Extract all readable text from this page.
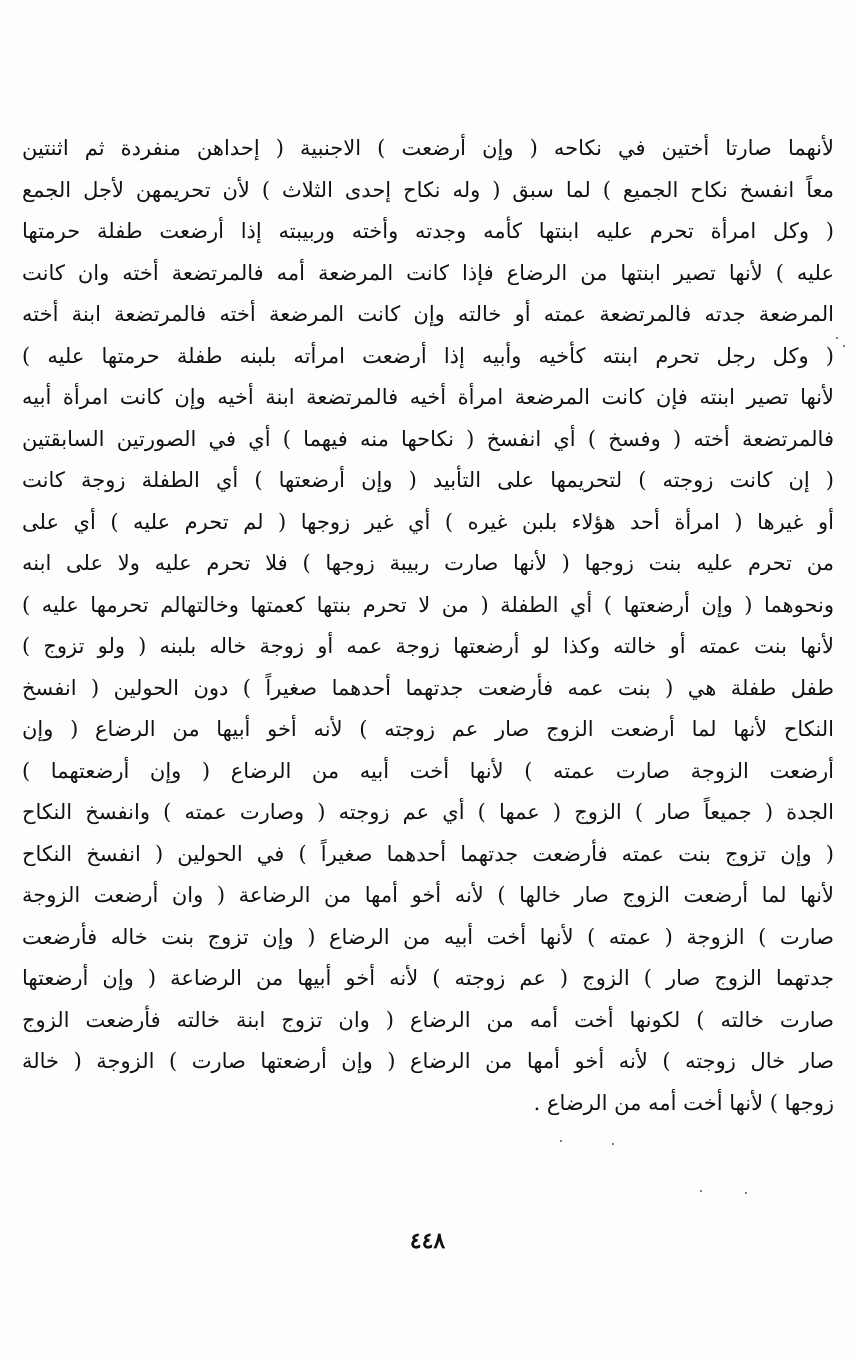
لأنهما صارتا أختين في نكاحه ( وإن أرضعت ) الاجنبية ( إحداهن منفردة ثم اثنتين
معاً انفسخ نكاح الجميع ) لما سبق ( وله نكاح إحدى الثلاث ) لأن تحريمهن لأجل الجمع
( وكل امرأة تحرم عليه ابنتها كأمه وجدته وأخته وربيبته إذا أرضعت طفلة حرمتها
عليه ) لأنها تصير ابنتها من الرضاع فإذا كانت المرضعة أمه فالمرتضعة أخته وان كانت
المرضعة جدته فالمرتضعة عمته أو خالته وإن كانت المرضعة أخته فالمرتضعة ابنة أخته
( وكل رجل تحرم ابنته كأخيه وأبيه إذا أرضعت امرأته بلبنه طفلة حرمتها عليه )
لأنها تصير ابنته فإن كانت المرضعة امرأة أخيه فالمرتضعة ابنة أخيه وإن كانت امرأة أبيه
فالمرتضعة أخته ( وفسخ ) أي انفسخ ( نكاحها منه فيهما ) أي في الصورتين السابقتين
( إن كانت زوجته ) لتحريمها على التأبيد ( وإن أرضعتها ) أي الطفلة زوجة كانت
أو غيرها ( امرأة أحد هؤلاء بلبن غيره ) أي غير زوجها ( لم تحرم عليه ) أي على
من تحرم عليه بنت زوجها ( لأنها صارت ربيبة زوجها ) فلا تحرم عليه ولا على ابنه
ونحوهما ( وإن أرضعتها ) أي الطفلة ( من لا تحرم بنتها كعمتها وخالتهالم تحرمها عليه )
لأنها بنت عمته أو خالته وكذا لو أرضعتها زوجة عمه أو زوجة خاله بلبنه ( ولو تزوج )
طفل طفلة هي ( بنت عمه فأرضعت جدتهما أحدهما صغيراً ) دون الحولين ( انفسخ
النكاح لأنها لما أرضعت الزوج صار عم زوجته ) لأنه أخو أبيها من الرضاع ( وإن
أرضعت الزوجة صارت عمته ) لأنها أخت أبيه من الرضاع ( وإن أرضعتهما )
الجدة ( جميعاً صار ) الزوج ( عمها ) أي عم زوجته ( وصارت عمته ) وانفسخ النكاح
( وإن تزوج بنت عمته فأرضعت جدتهما أحدهما صغيراً ) في الحولين ( انفسخ النكاح
لأنها لما أرضعت الزوج صار خالها ) لأنه أخو أمها من الرضاعة ( وان أرضعت الزوجة
صارت ) الزوجة ( عمته ) لأنها أخت أبيه من الرضاع ( وإن تزوج بنت خاله فأرضعت
جدتهما الزوج صار ) الزوج ( عم زوجته ) لأنه أخو أبيها من الرضاعة ( وإن أرضعتها
صارت خالته ) لكونها أخت أمه من الرضاع ( وان تزوج ابنة خالته فأرضعت الزوج
صار خال زوجته ) لأنه أخو أمها من الرضاع ( وإن أرضعتها صارت ) الزوجة ( خالة
زوجها ) لأنها أخت أمه من الرضاع .
٤٤٨
